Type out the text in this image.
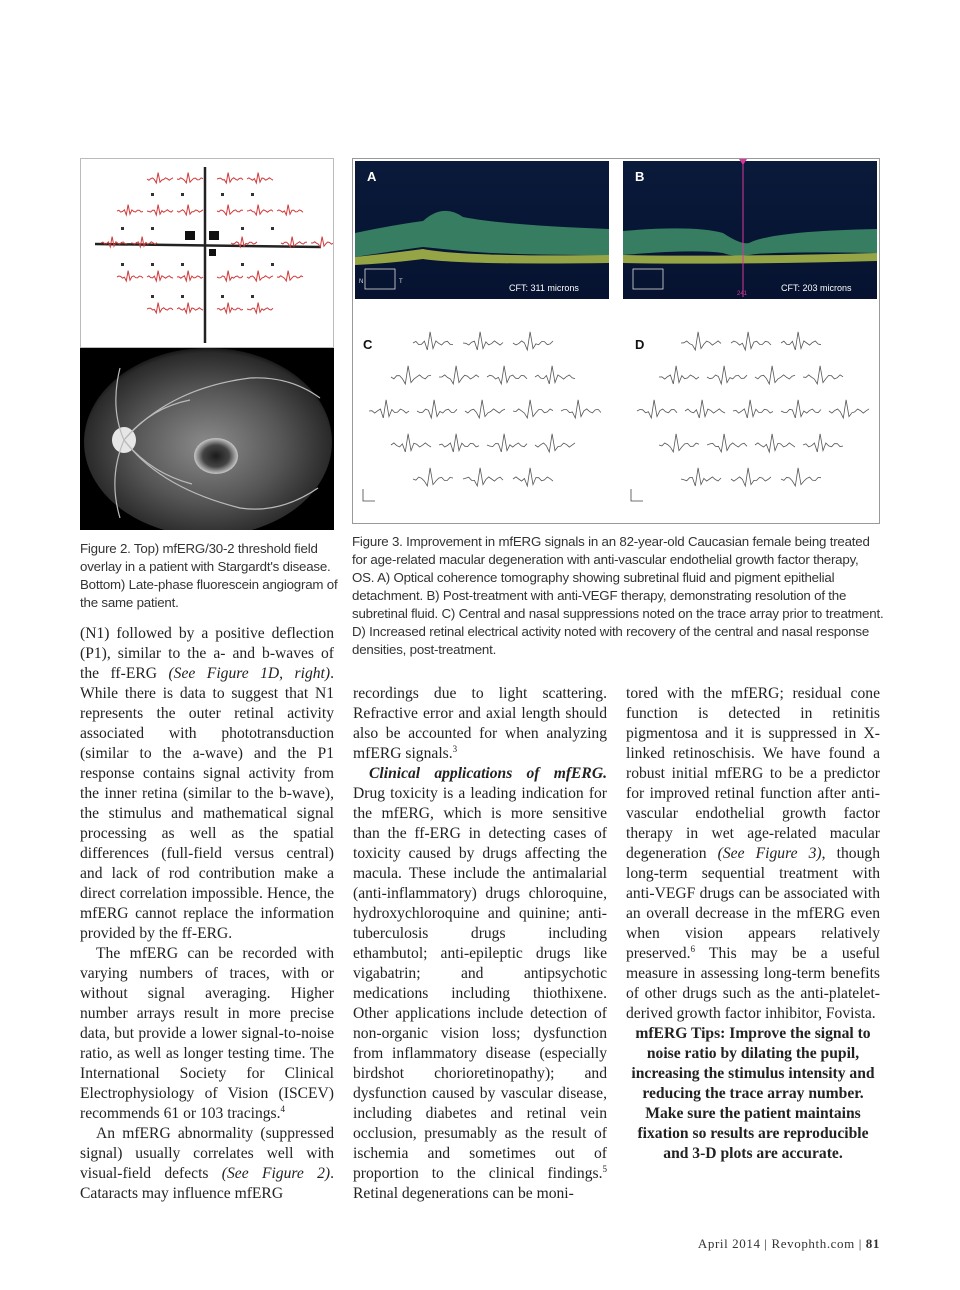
A
N	T
CFT: 311 microns
B
241
CFT: 203 microns
C	D
Figure 2. Top) mfERG/30-2 threshold field overlay in a patient with Stargardt's disease. Bottom) Late-phase fluorescein angiogram of the same patient.
Figure 3. Improvement in mfERG signals in an 82-year-old Caucasian female being treated for age-related macular degeneration with anti-vascular endothelial growth factor therapy, OS. A) Optical coherence tomography showing subretinal fluid and pigment epithelial detachment. B) Post-treatment with anti-VEGF therapy, demonstrating resolution of the subretinal fluid. C) Central and nasal suppressions noted on the trace array prior to treatment. D) Increased retinal electrical activity noted with recovery of the central and nasal response densities, post-treatment.

(N1) followed by a positive deflection (P1), similar to the a- and b-waves of the ff-ERG (See Figure 1D, right). While there is data to suggest that N1 represents the outer retinal activity associated with phototransduction (similar to the a-wave) and the P1 response contains signal activity from the inner retina (similar to the b-wave), the stimulus and mathematical signal processing as well as the spatial differences (full-field versus central) and lack of rod contribution make a direct correlation impossible. Hence, the mfERG cannot replace the information provided by the ff-ERG.

The mfERG can be recorded with varying numbers of traces, with or without signal averaging. Higher number arrays result in more precise data, but provide a lower signal-to-noise ratio, as well as longer testing time. The International Society for Clinical Electrophysiology of Vision (ISCEV) recommends 61 or 103 tracings.$^4$

An mfERG abnormality (suppressed signal) usually correlates well with visual-field defects (See Figure 2). Cataracts may influence mfERG

recordings due to light scattering. Refractive error and axial length should also be accounted for when analyzing mfERG signals.$^3$

Clinical applications of mfERG. Drug toxicity is a leading indication for the mfERG, which is more sensitive than the ff-ERG in detecting cases of toxicity caused by drugs affecting the macula. These include the antimalarial (anti-inflammatory) drugs chloroquine, hydroxychloroquine and quinine; anti-tuberculosis drugs including ethambutol; anti-epileptic drugs like vigabatrin; and antipsychotic medications including thiothixene. Other applications include detection of non-organic vision loss; dysfunction from inflammatory disease (especially birdshot chorioretinopathy); and dysfunction caused by vascular disease, including diabetes and retinal vein occlusion, presumably as the result of ischemia and sometimes out of proportion to the clinical findings.$^5$ Retinal degenerations can be moni-

tored with the mfERG; residual cone function is detected in retinitis pigmentosa and it is suppressed in X-linked retinoschisis. We have found a robust initial mfERG to be a predictor for improved retinal function after anti-vascular endothelial growth factor therapy in wet age-related macular degeneration (See Figure 3), though long-term sequential treatment with anti-VEGF drugs can be associated with an overall decrease in the mfERG even when vision appears relatively preserved.$^6$ This may be a useful measure in assessing long-term benefits of other drugs such as the anti-platelet-derived growth factor inhibitor, Fovista.

mfERG Tips: Improve the signal to noise ratio by dilating the pupil, increasing the stimulus intensity and reducing the trace array number. Make sure the patient maintains fixation so results are reproducible and 3-D plots are accurate.

April 2014 | Revophth.com | 81
